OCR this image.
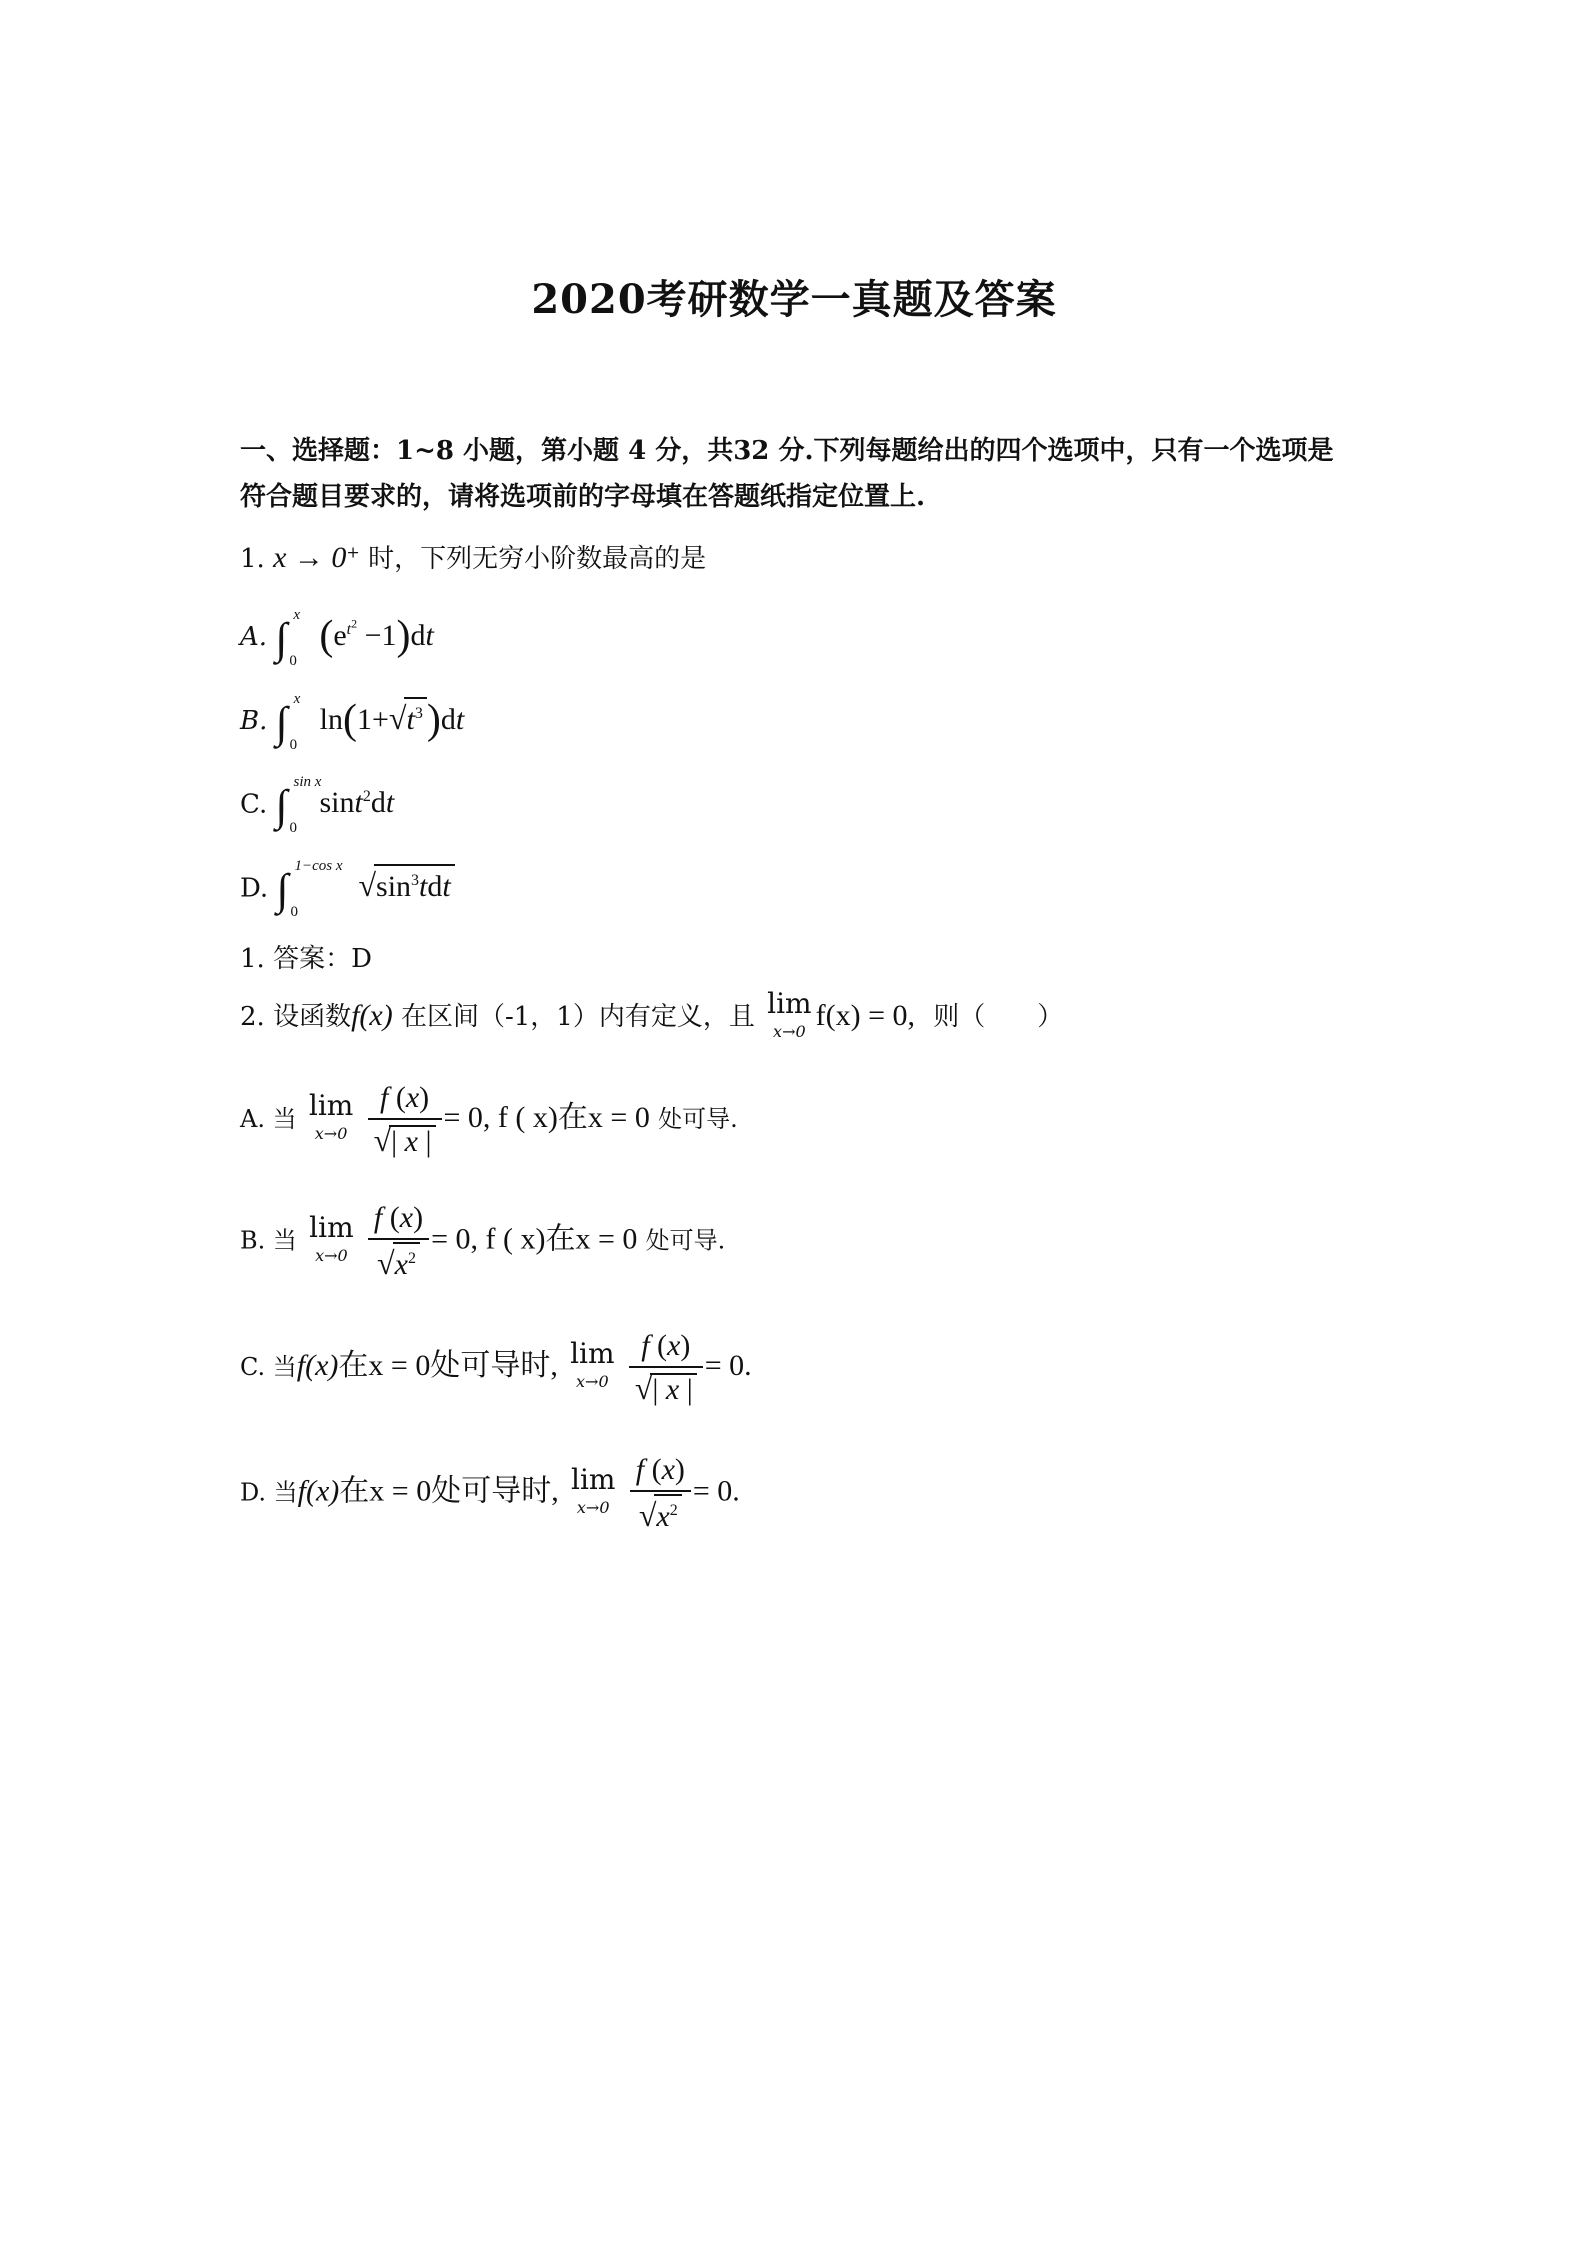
2020考研数学一真题及答案
一、选择题：1~8 小题，第小题 4 分，共32 分.下列每题给出的四个选项中，只有一个选项是符合题目要求的，请将选项前的字母填在答题纸指定位置上.
1. x → 0+ 时，下列无穷小阶数最高的是
A. ∫ x
0
$(e^{t^2} -1)dt$
B. ∫ x
0
$\ln(1+√t^3)dt$
C. ∫ sin x
0
sint$^2$dt
D. ∫ 1−cos x
0
$√\sin^3tdt$
1. 答案：D
2. 设函数f(x) 在区间（-1，1）内有定义，且 lim
x→0 f(x) = 0, 则（　　）
A. 当 lim
x→0
$\frac{f (x)}{√| x |} = 0$, f ( x)在x = 0 处可导.
B. 当 lim
x→0
$\frac{f (x)}{√x^2} = 0$, f ( x)在x = 0 处可导.
C. 当f(x)在x = 0处可导时, lim
x→0
$\frac{f (x)}{√| x |} = 0$.
D. 当f(x)在x = 0处可导时, lim
x→0
$\frac{f (x)}{√x^2} = 0$.
